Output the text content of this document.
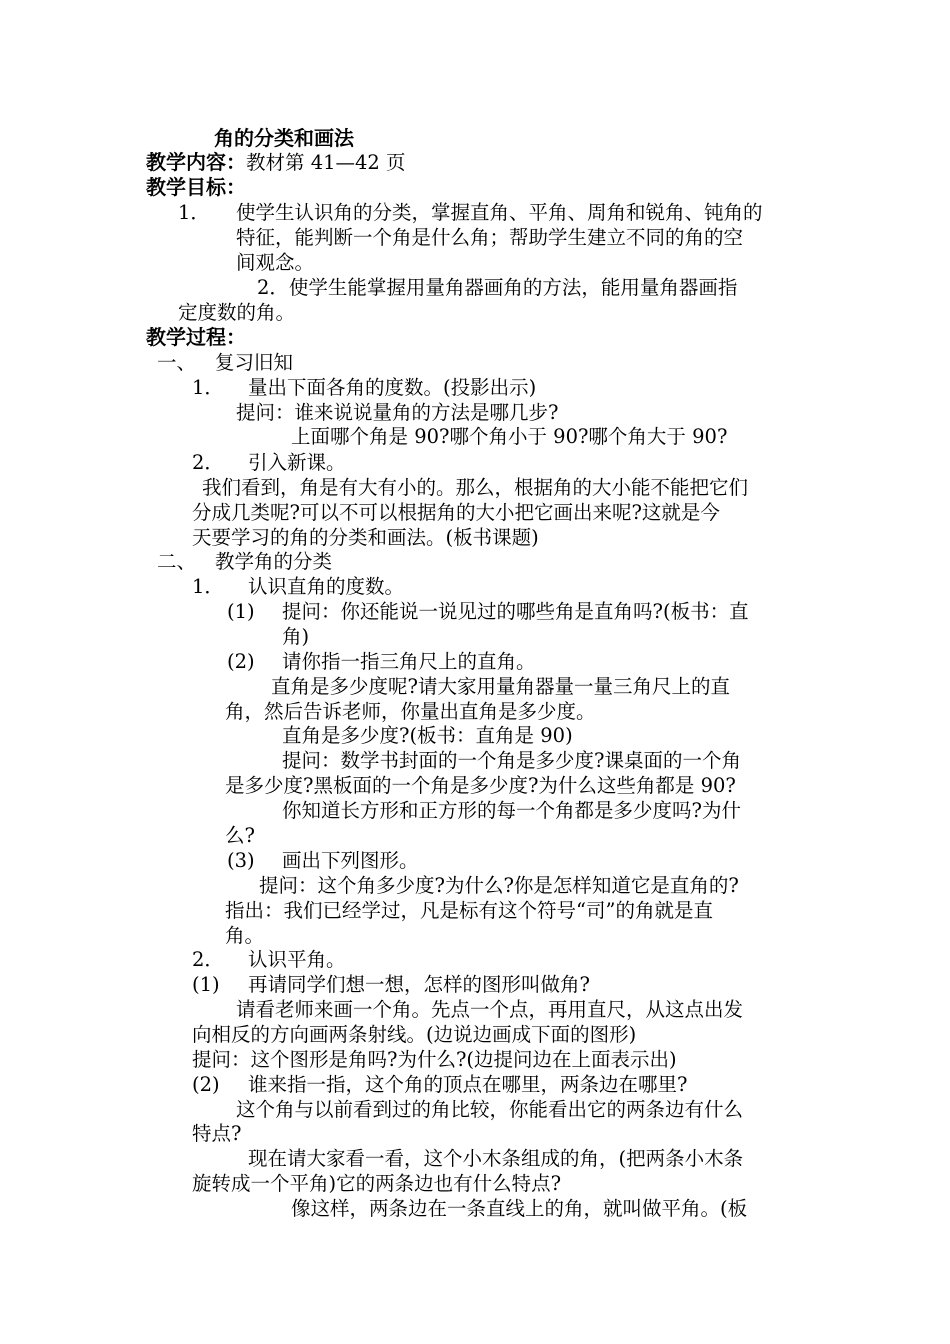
角的分类和画法
教学内容：教材第 41—42 页
教学目标：
1． 使学生认识角的分类，掌握直角、平角、周角和锐角、钝角的
特征，能判断一个角是什么角；帮助学生建立不同的角的空
间观念。
2．使学生能掌握用量角器画角的方法，能用量角器画指
定度数的角。
教学过程：
一、 复习旧知
1． 量出下面各角的度数。(投影出示)
提问：谁来说说量角的方法是哪几步?
上面哪个角是 90?哪个角小于 90?哪个角大于 90?
2． 引入新课。
我们看到，角是有大有小的。那么，根据角的大小能不能把它们
分成几类呢?可以不可以根据角的大小把它画出来呢?这就是今
天要学习的角的分类和画法。(板书课题)
二、 教学角的分类
1． 认识直角的度数。
(1) 提问：你还能说一说见过的哪些角是直角吗?(板书：直
角)
(2) 请你指一指三角尺上的直角。
直角是多少度呢?请大家用量角器量一量三角尺上的直
角，然后告诉老师，你量出直角是多少度。
直角是多少度?(板书：直角是 90)
提问：数学书封面的一个角是多少度?课桌面的一个角
是多少度?黑板面的一个角是多少度?为什么这些角都是 90?
你知道长方形和正方形的每一个角都是多少度吗?为什
么?
(3) 画出下列图形。
提问：这个角多少度?为什么?你是怎样知道它是直角的?
指出：我们已经学过，凡是标有这个符号“司”的角就是直
角。
2． 认识平角。
(1) 再请同学们想一想，怎样的图形叫做角?
请看老师来画一个角。先点一个点，再用直尺，从这点出发
向相反的方向画两条射线。(边说边画成下面的图形)
提问：这个图形是角吗?为什么?(边提问边在上面表示出)
(2) 谁来指一指，这个角的顶点在哪里，两条边在哪里?
这个角与以前看到过的角比较，你能看出它的两条边有什么
特点?
现在请大家看一看，这个小木条组成的角，(把两条小木条
旋转成一个平角)它的两条边也有什么特点?
像这样，两条边在一条直线上的角，就叫做平角。(板
